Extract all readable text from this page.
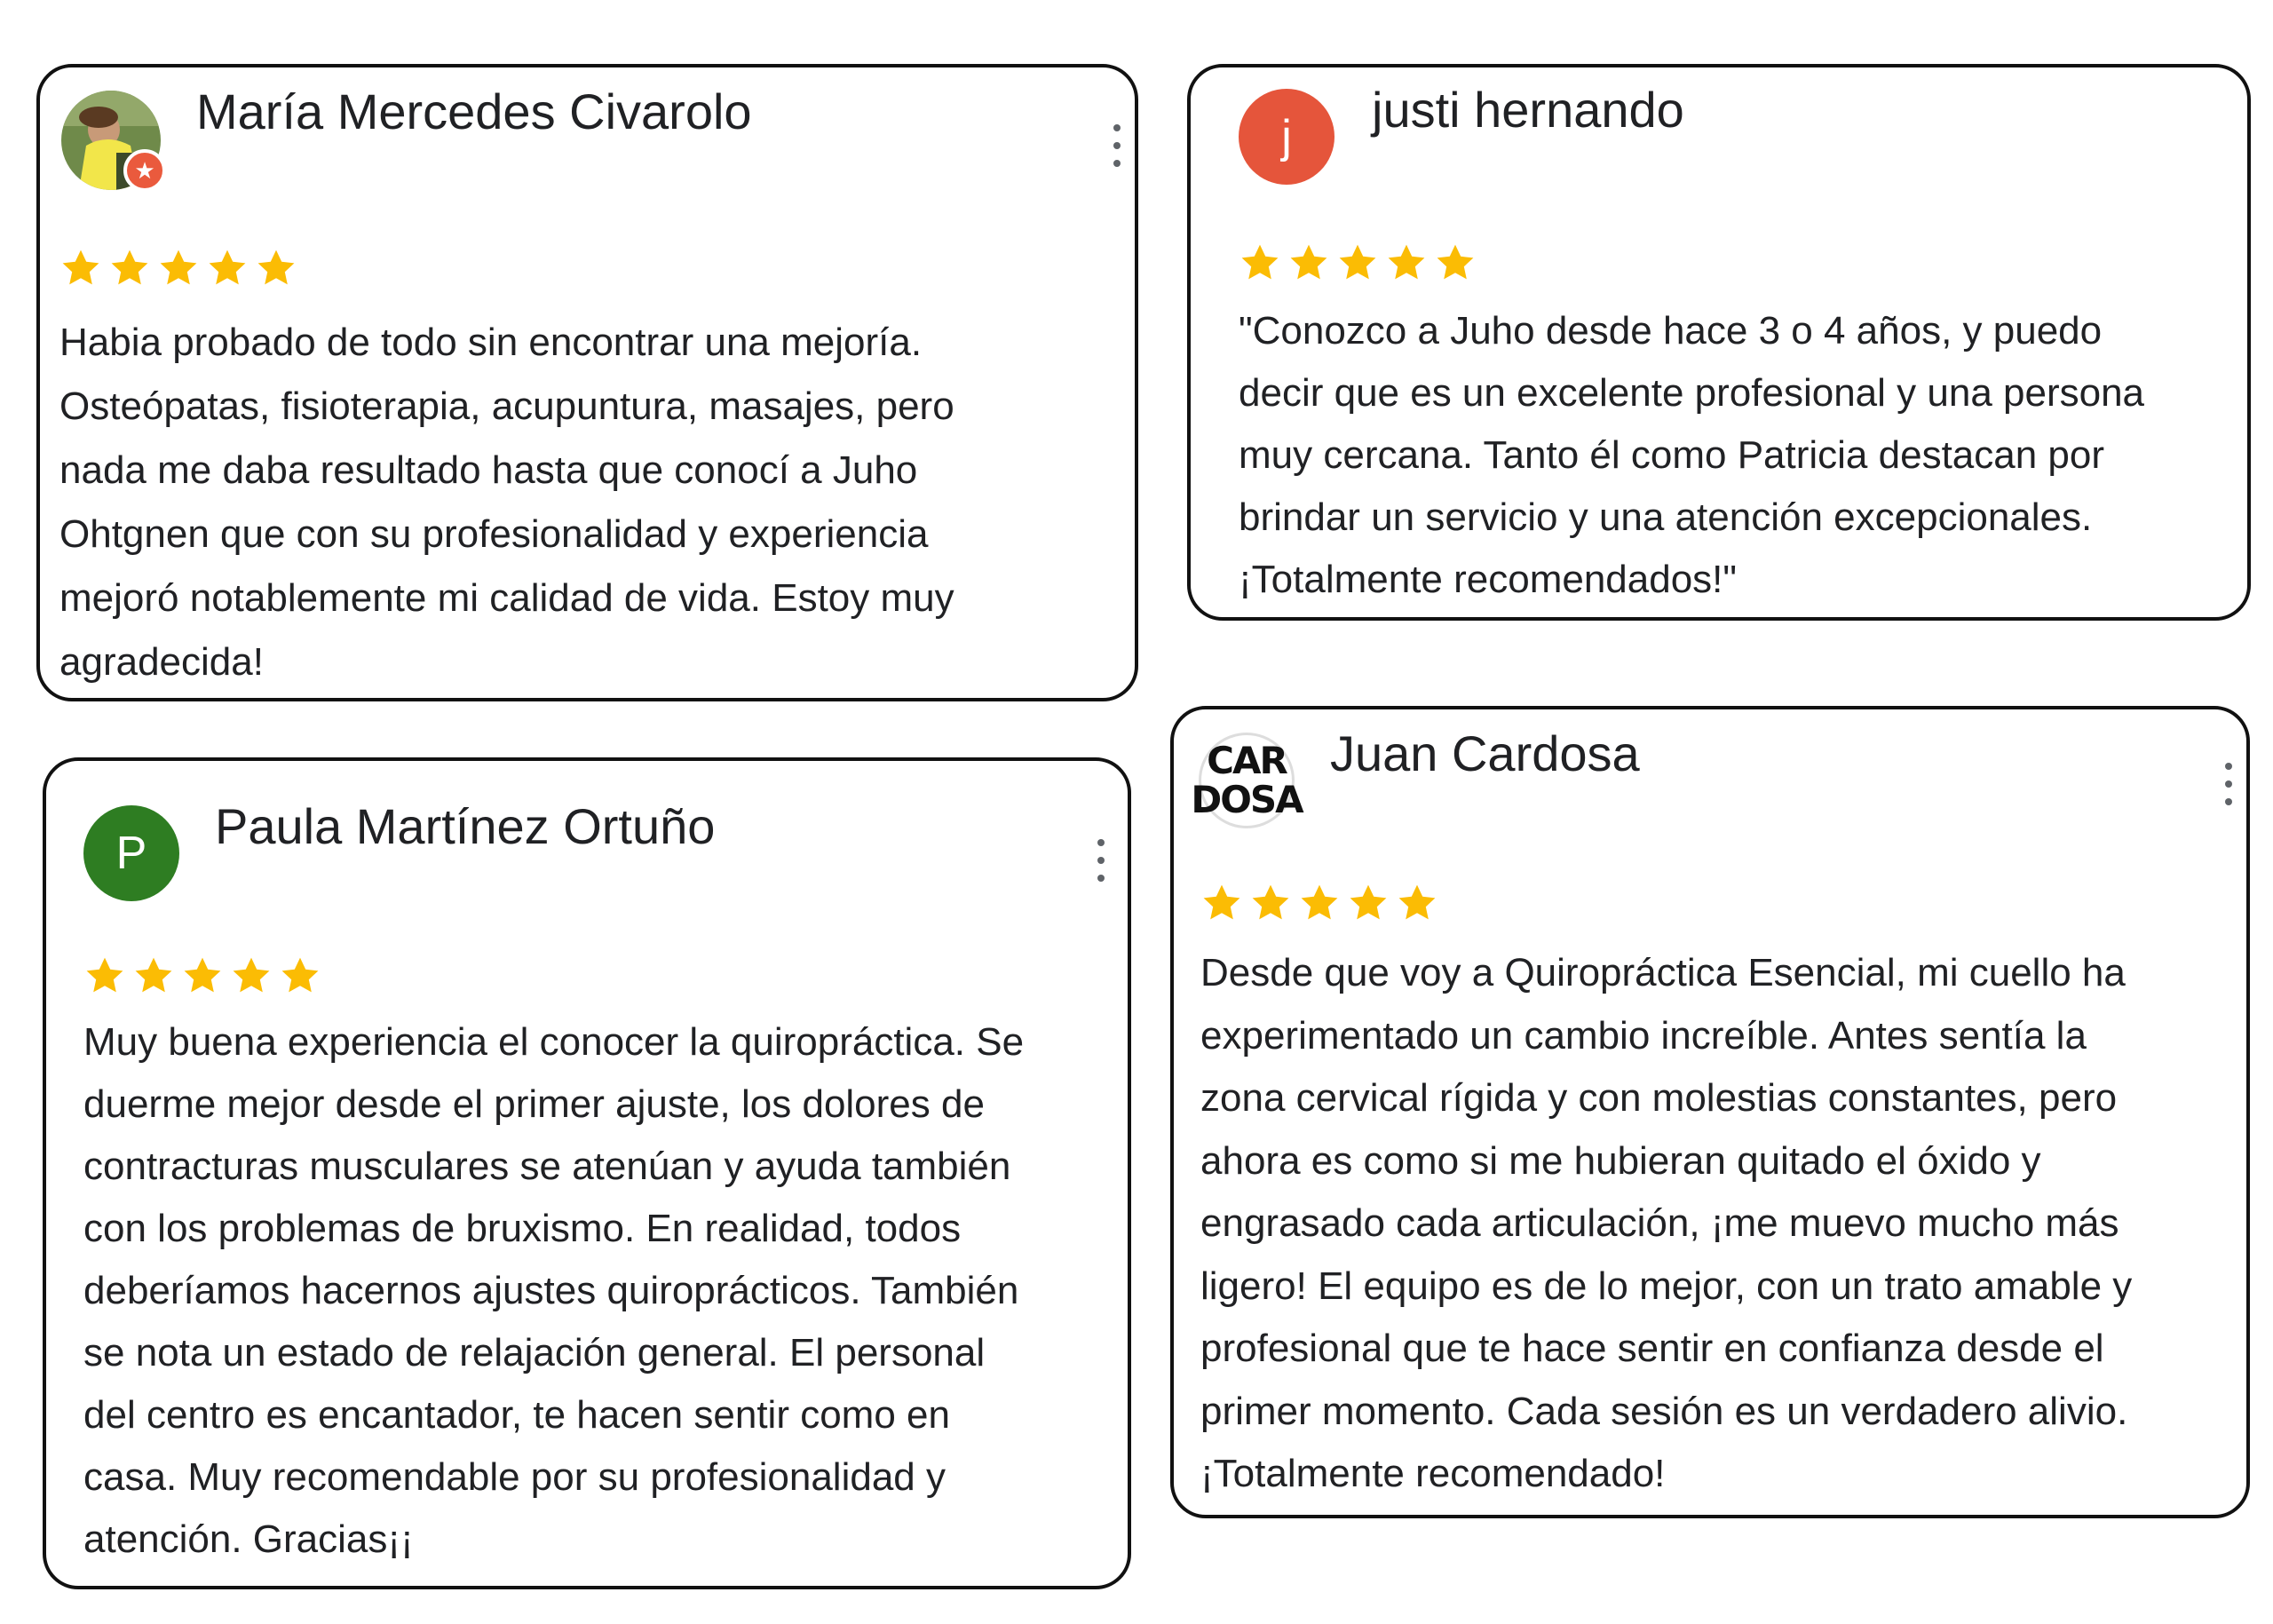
★
María Mercedes Civarolo

Habia probado de todo sin encontrar una mejoría.
Osteópatas, fisioterapia, acupuntura, masajes, pero
nada me daba resultado hasta que conocí a Juho
Ohtgnen que con su profesionalidad y experiencia
mejoró notablemente mi calidad de vida. Estoy muy
agradecida!

j justi hernando

"Conozco a Juho desde hace 3 o 4 años, y puedo
decir que es un excelente profesional y una persona
muy cercana. Tanto él como Patricia destacan por
brindar un servicio y una atención excepcionales.
¡Totalmente recomendados!"

P Paula Martínez Ortuño

Muy buena experiencia el conocer la quiropráctica. Se
duerme mejor desde el primer ajuste, los dolores de
contracturas musculares se atenúan y ayuda también
con los problemas de bruxismo. En realidad, todos
deberíamos hacernos ajustes quiroprácticos. También
se nota un estado de relajación general. El personal
del centro es encantador, te hacen sentir como en
casa. Muy recomendable por su profesionalidad y
atención. Gracias¡¡

CAR
DOSA
Juan Cardosa

Desde que voy a Quiropráctica Esencial, mi cuello ha
experimentado un cambio increíble. Antes sentía la
zona cervical rígida y con molestias constantes, pero
ahora es como si me hubieran quitado el óxido y
engrasado cada articulación, ¡me muevo mucho más
ligero! El equipo es de lo mejor, con un trato amable y
profesional que te hace sentir en confianza desde el
primer momento. Cada sesión es un verdadero alivio.
¡Totalmente recomendado!
